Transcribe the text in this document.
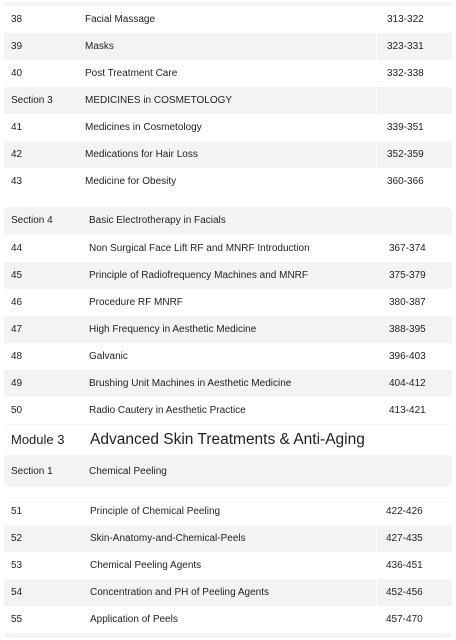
38	Facial Massage	313-322
39	Masks	323-331
40	Post Treatment Care	332-338
Section 3	MEDICINES in COSMETOLOGY
41	Medicines in Cosmetology	339-351
42	Medications for Hair Loss	352-359
43	Medicine for Obesity	360-366
Section 4	Basic Electrotherapy in Facials
44	Non Surgical Face Lift RF and MNRF Introduction	367-374
45	Principle of Radiofrequency Machines and MNRF	375-379
46	Procedure RF MNRF	380-387
47	High Frequency in Aesthetic Medicine	388-395
48	Galvanic	396-403
49	Brushing Unit Machines in Aesthetic Medicine	404-412
50	Radio Cautery in Aesthetic Practice	413-421
Module 3 Advanced Skin Treatments & Anti-Aging
Section 1	Chemical Peeling
51	Principle of Chemical Peeling	422-426
52	Skin-Anatomy-and-Chemical-Peels	427-435
53	Chemical Peeling Agents	436-451
54	Concentration and PH of Peeling Agents	452-456
55	Application of Peels	457-470
